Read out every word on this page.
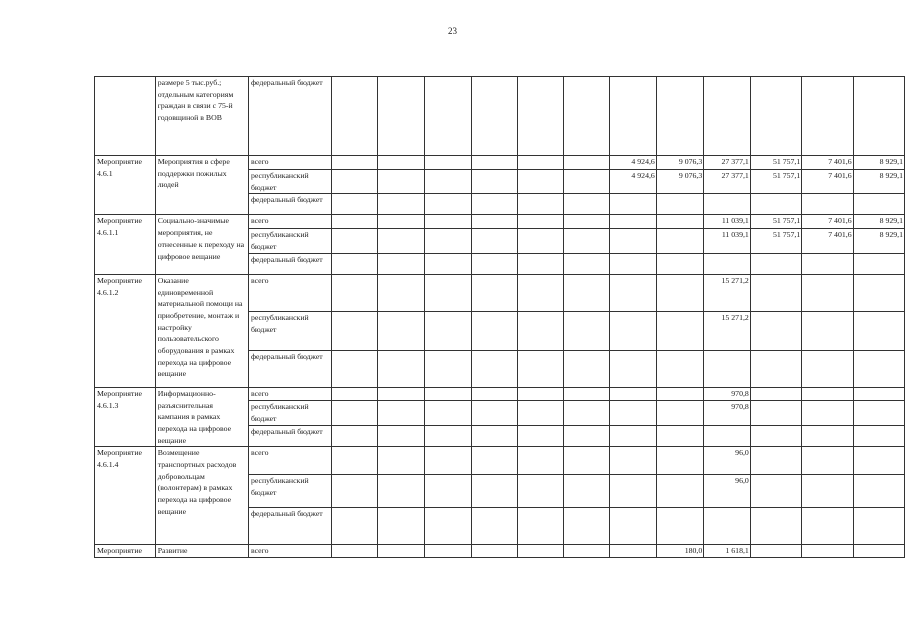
23
	размере 5 тыс.руб.; отдельным категориям граждан в связи с 75-й годовщиной в ВОВ	федеральный бюджет												
Мероприятие 4.6.1	Мероприятия в сфере поддержки пожилых людей	всего							4 924,6	9 076,3	27 377,1	51 757,1	7 401,6	8 929,1
		республиканский бюджет							4 924,6	9 076,3	27 377,1	51 757,1	7 401,6	8 929,1
		федеральный бюджет												
Мероприятие 4.6.1.1	Социально-значимые мероприятия, не отнесенные к переходу на цифровое вещание	всего									11 039,1	51 757,1	7 401,6	8 929,1
		республиканский бюджет									11 039,1	51 757,1	7 401,6	8 929,1
		федеральный бюджет												
Мероприятие 4.6.1.2	Оказание единовременной материальной помощи на приобретение, монтаж и настройку пользовательского оборудования в рамках перехода на цифровое вещание	всего									15 271,2			
		республиканский бюджет									15 271,2			
		федеральный бюджет												
Мероприятие 4.6.1.3	Информационно-разъяснительная кампания в рамках перехода на цифровое вещание	всего									970,8			
		республиканский бюджет									970,8			
		федеральный бюджет												
Мероприятие 4.6.1.4	Возмещение транспортных расходов добровольцам (волонтерам) в рамках перехода на цифровое вещание	всего									96,0			
		республиканский бюджет									96,0			
		федеральный бюджет												
Мероприятие	Развитие	всего								180,0	1 618,1			
